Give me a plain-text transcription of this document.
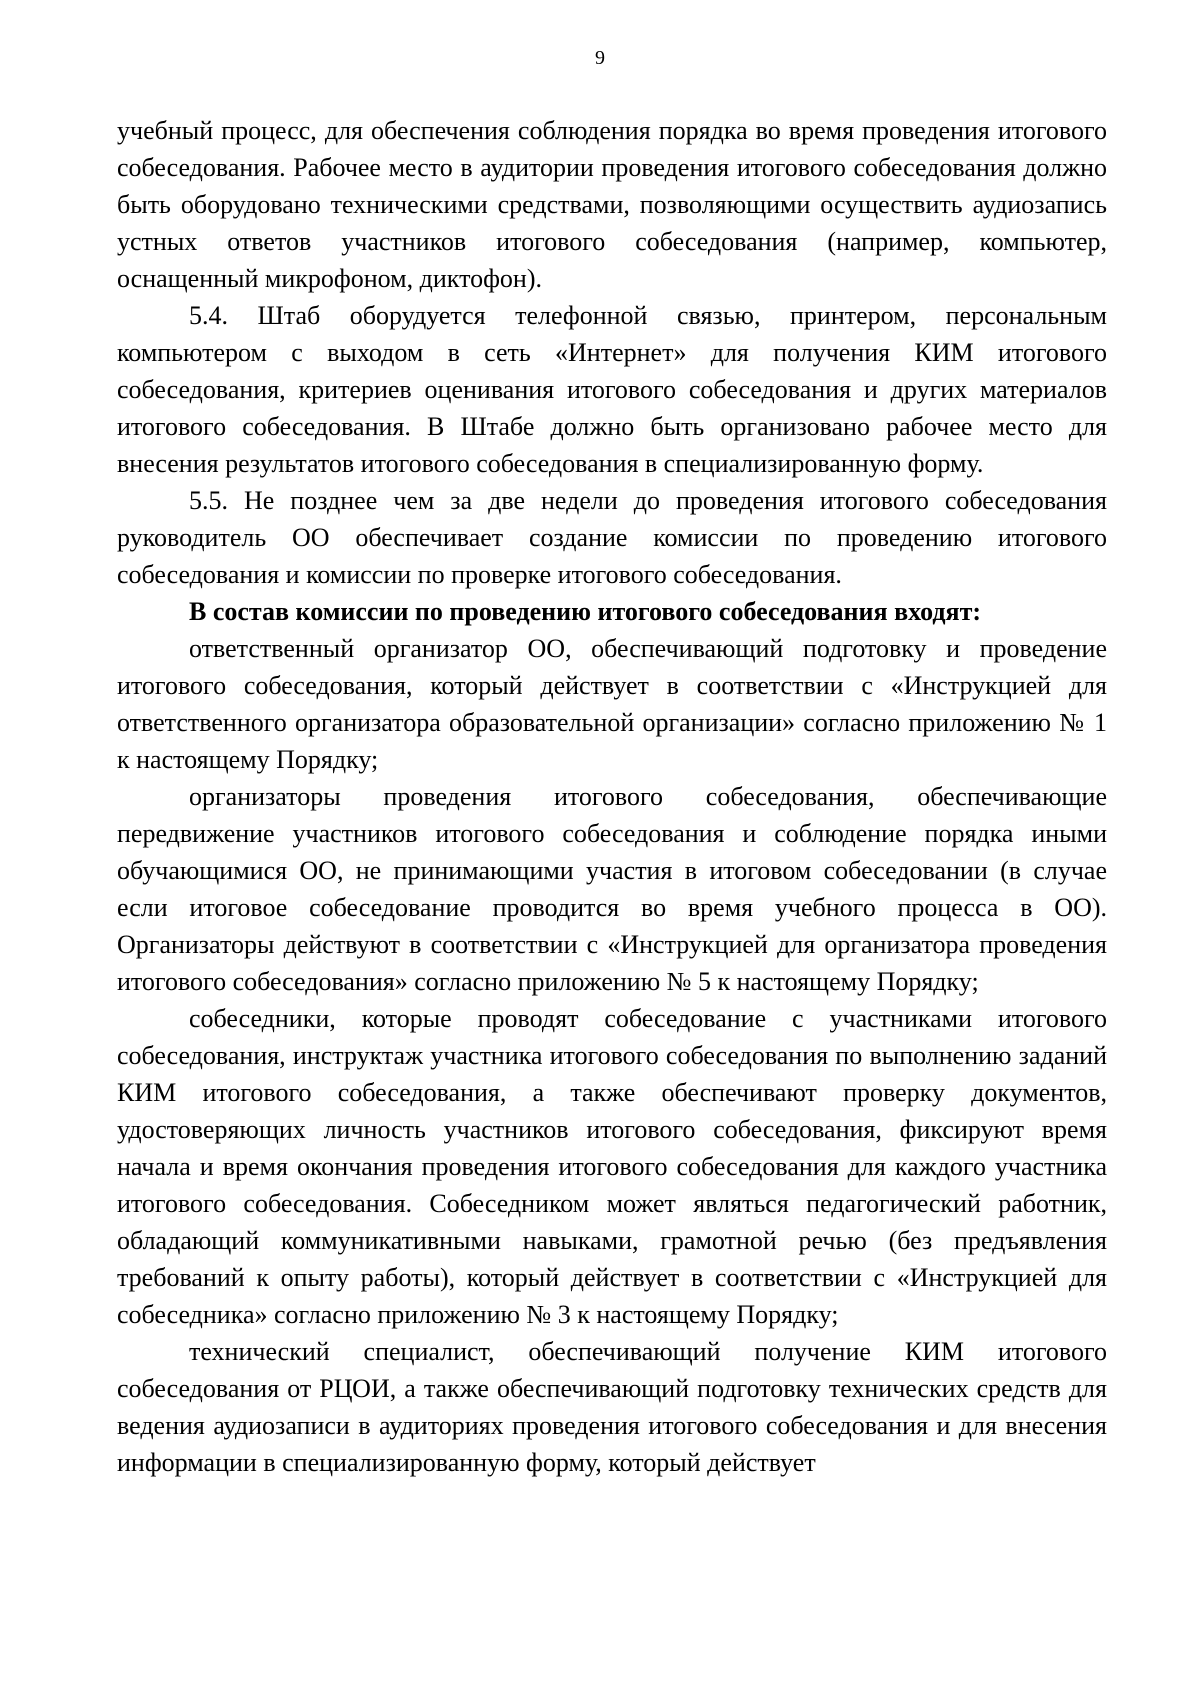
9

учебный процесс, для обеспечения соблюдения порядка во время проведения итогового собеседования. Рабочее место в аудитории проведения итогового собеседования должно быть оборудовано техническими средствами, позволяющими осуществить аудиозапись устных ответов участников итогового собеседования (например, компьютер, оснащенный микрофоном, диктофон).

5.4. Штаб оборудуется телефонной связью, принтером, персональным компьютером с выходом в сеть «Интернет» для получения КИМ итогового собеседования, критериев оценивания итогового собеседования и других материалов итогового собеседования. В Штабе должно быть организовано рабочее место для внесения результатов итогового собеседования в специализированную форму.

5.5. Не позднее чем за две недели до проведения итогового собеседования руководитель ОО обеспечивает создание комиссии по проведению итогового собеседования и комиссии по проверке итогового собеседования.

В состав комиссии по проведению итогового собеседования входят:

ответственный организатор ОО, обеспечивающий подготовку и проведение итогового собеседования, который действует в соответствии с «Инструкцией для ответственного организатора образовательной организации» согласно приложению № 1 к настоящему Порядку;

организаторы проведения итогового собеседования, обеспечивающие передвижение участников итогового собеседования и соблюдение порядка иными обучающимися ОО, не принимающими участия в итоговом собеседовании (в случае если итоговое собеседование проводится во время учебного процесса в ОО). Организаторы действуют в соответствии с «Инструкцией для организатора проведения итогового собеседования» согласно приложению № 5 к настоящему Порядку;

собеседники, которые проводят собеседование с участниками итогового собеседования, инструктаж участника итогового собеседования по выполнению заданий КИМ итогового собеседования, а также обеспечивают проверку документов, удостоверяющих личность участников итогового собеседования, фиксируют время начала и время окончания проведения итогового собеседования для каждого участника итогового собеседования. Собеседником может являться педагогический работник, обладающий коммуникативными навыками, грамотной речью (без предъявления требований к опыту работы), который действует в соответствии с «Инструкцией для собеседника» согласно приложению № 3 к настоящему Порядку;

технический специалист, обеспечивающий получение КИМ итогового собеседования от РЦОИ, а также обеспечивающий подготовку технических средств для ведения аудиозаписи в аудиториях проведения итогового собеседования и для внесения информации в специализированную форму, который действует
